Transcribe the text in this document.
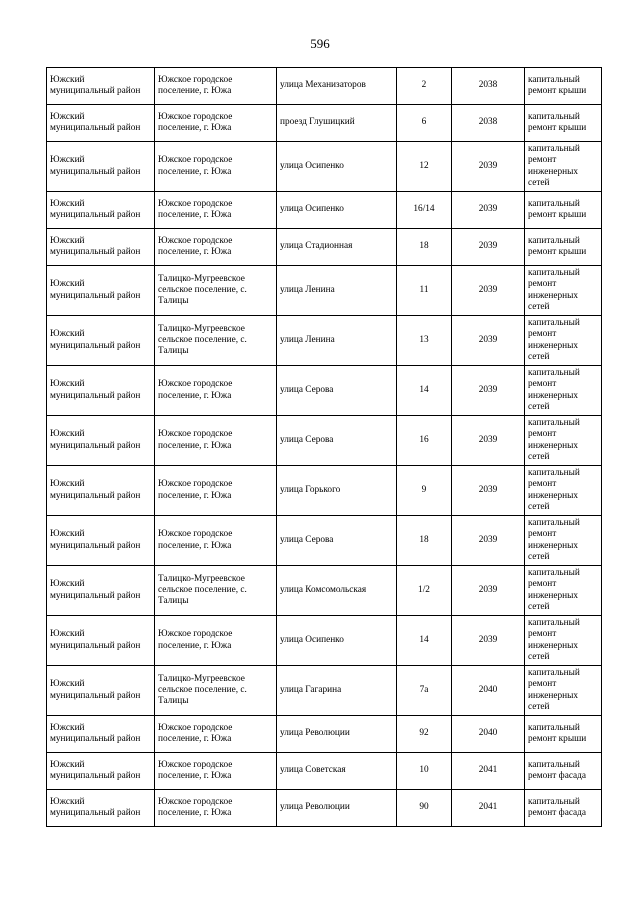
596
Южский муниципальный район	Южское городское поселение, г. Южа	улица Механизаторов	2	2038	капитальный ремонт крыши
Южский муниципальный район	Южское городское поселение, г. Южа	проезд Глушицкий	6	2038	капитальный ремонт крыши
Южский муниципальный район	Южское городское поселение, г. Южа	улица Осипенко	12	2039	капитальный ремонт инженерных сетей
Южский муниципальный район	Южское городское поселение, г. Южа	улица Осипенко	16/14	2039	капитальный ремонт крыши
Южский муниципальный район	Южское городское поселение, г. Южа	улица Стадионная	18	2039	капитальный ремонт крыши
Южский муниципальный район	Талицко-Мугреевское сельское поселение, с. Талицы	улица Ленина	11	2039	капитальный ремонт инженерных сетей
Южский муниципальный район	Талицко-Мугреевское сельское поселение, с. Талицы	улица Ленина	13	2039	капитальный ремонт инженерных сетей
Южский муниципальный район	Южское городское поселение, г. Южа	улица Серова	14	2039	капитальный ремонт инженерных сетей
Южский муниципальный район	Южское городское поселение, г. Южа	улица Серова	16	2039	капитальный ремонт инженерных сетей
Южский муниципальный район	Южское городское поселение, г. Южа	улица Горького	9	2039	капитальный ремонт инженерных сетей
Южский муниципальный район	Южское городское поселение, г. Южа	улица Серова	18	2039	капитальный ремонт инженерных сетей
Южский муниципальный район	Талицко-Мугреевское сельское поселение, с. Талицы	улица Комсомольская	1/2	2039	капитальный ремонт инженерных сетей
Южский муниципальный район	Южское городское поселение, г. Южа	улица Осипенко	14	2039	капитальный ремонт инженерных сетей
Южский муниципальный район	Талицко-Мугреевское сельское поселение, с. Талицы	улица Гагарина	7а	2040	капитальный ремонт инженерных сетей
Южский муниципальный район	Южское городское поселение, г. Южа	улица Революции	92	2040	капитальный ремонт крыши
Южский муниципальный район	Южское городское поселение, г. Южа	улица Советская	10	2041	капитальный ремонт фасада
Южский муниципальный район	Южское городское поселение, г. Южа	улица Революции	90	2041	капитальный ремонт фасада
